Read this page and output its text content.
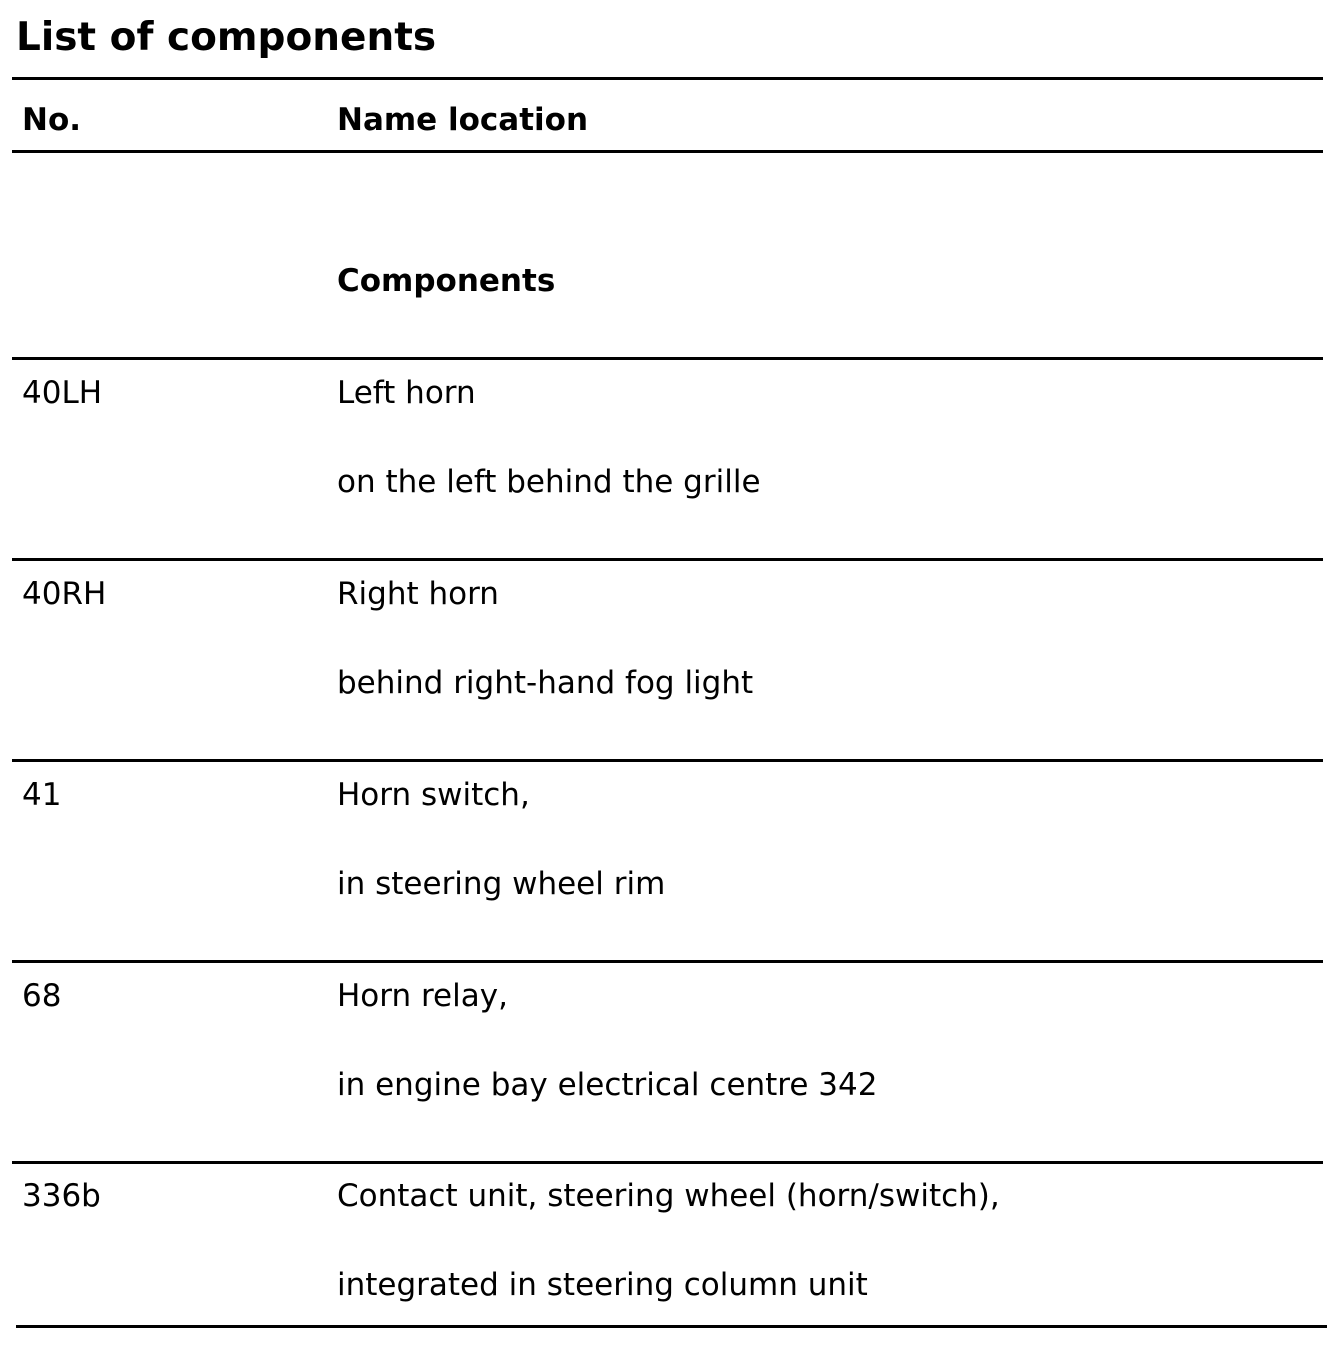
List of components
No.	Name location
Components
40LH	Left horn
on the left behind the grille
40RH	Right horn
behind right-hand fog light
41	Horn switch,
in steering wheel rim
68	Horn relay,
in engine bay electrical centre 342
336b	Contact unit, steering wheel (horn/switch),
integrated in steering column unit
